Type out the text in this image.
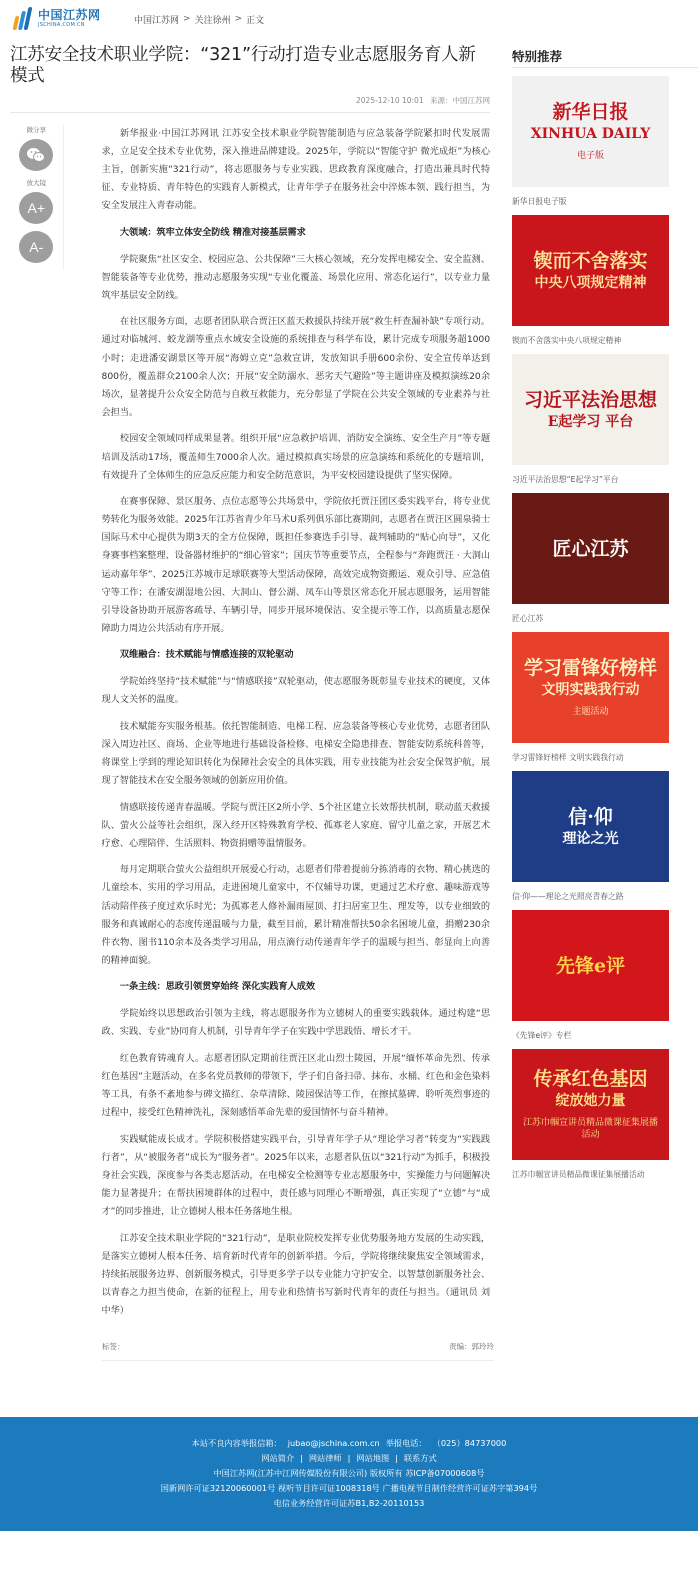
中国江苏网
JSCHINA.COM.CN	中国江苏网 > 关注徐州 > 正文
江苏安全技术职业学院：“321”行动打造专业志愿服务育人新模式
2025-12-10 10:01 来源：中国江苏网
微分享
放大镜
A+
A-

新华报业·中国江苏网讯 江苏安全技术职业学院智能制造与应急装备学院紧扣时代发展需求，立足安全技术专业优势，深入推进品牌建设。2025年，学院以“智能守护 微光成炬”为核心主旨，创新实施“321行动”，将志愿服务与专业实践、思政教育深度融合，打造出兼具时代特征、专业特质、青年特色的实践育人新模式，让青年学子在服务社会中淬炼本领、践行担当，为安全发展注入青春动能。

大领域：筑牢立体安全防线 精准对接基层需求

学院聚焦“社区安全、校园应急、公共保障”三大核心领域，充分发挥电梯安全、安全监测、智能装备等专业优势，推动志愿服务实现“专业化覆盖、场景化应用、常态化运行”，以专业力量筑牢基层安全防线。

在社区服务方面，志愿者团队联合贾汪区蓝天救援队持续开展“救生杆查漏补缺”专项行动。通过对临城河、蛟龙湖等重点水域安全设施的系统排查与科学布设，累计完成专项服务超1000小时；走进潘安湖景区等开展“海姆立克”急救宣讲，发放知识手册600余份、安全宣传单达到800份，覆盖群众2100余人次；开展“安全防溺水、恶劣天气避险”等主题讲座及模拟演练20余场次，显著提升公众安全防范与自救互救能力，充分彰显了学院在公共安全领域的专业素养与社会担当。

校园安全领域同样成果显著。组织开展“应急救护培训、消防安全演练、安全生产月”等专题培训及活动17场，覆盖师生7000余人次。通过模拟真实场景的应急演练和系统化的专题培训，有效提升了全体师生的应急反应能力和安全防范意识，为平安校园建设提供了坚实保障。

在赛事保障、景区服务、点位志愿等公共场景中，学院依托贾汪团区委实践平台，将专业优势转化为服务效能。2025年江苏省青少年马术U系列俱乐部比赛期间，志愿者在贾汪区圆泉骑士国际马术中心提供为期3天的全方位保障，既担任参赛选手引导、裁判辅助的“贴心向导”，又化身赛事档案整理、设备器材维护的“细心管家”；国庆节等重要节点，全程参与“奔跑贾汪 · 大洞山运动嘉年华”、2025江苏城市足球联赛等大型活动保障，高效完成物资搬运、观众引导、应急值守等工作；在潘安湖湿地公园、大洞山、督公湖、凤车山等景区常态化开展志愿服务，运用智能引导设备协助开展游客疏导、车辆引导，同步开展环境保洁、安全提示等工作，以高质量志愿保障助力周边公共活动有序开展。

双维融合：技术赋能与情感连接的双轮驱动

学院始终坚持“技术赋能”与“情感联接”双轮驱动，使志愿服务既彰显专业技术的硬度，又体现人文关怀的温度。

技术赋能夯实服务根基。依托智能制造、电梯工程、应急装备等核心专业优势，志愿者团队深入周边社区、商场、企业等地进行基础设备检修、电梯安全隐患排查、智能安防系统科普等，将课堂上学到的理论知识转化为保障社会安全的具体实践，用专业技能为社会安全保驾护航，展现了智能技术在安全服务领域的创新应用价值。

情感联接传递青春温暖。学院与贾汪区2所小学、5个社区建立长效帮扶机制，联动蓝天救援队、萤火公益等社会组织，深入经开区特殊教育学校、孤寡老人家庭、留守儿童之家，开展艺术疗愈、心理陪伴、生活照料、物资捐赠等温情服务。

每月定期联合萤火公益组织开展爱心行动，志愿者们带着提前分拣消毒的衣物、精心挑选的儿童绘本、实用的学习用品，走进困境儿童家中，不仅辅导功课，更通过艺术疗愈、趣味游戏等活动陪伴孩子度过欢乐时光；为孤寡老人修补漏雨屋顶、打扫居室卫生、理发等，以专业细致的服务和真诚耐心的态度传递温暖与力量，截至目前，累计精准帮扶50余名困境儿童，捐赠230余件衣物、图书110余本及各类学习用品，用点滴行动传递青年学子的温暖与担当、彰显向上向善的精神面貌。

一条主线：思政引领贯穿始终 深化实践育人成效

学院始终以思想政治引领为主线，将志愿服务作为立德树人的重要实践载体。通过构建“思政、实践、专业”协同育人机制，引导青年学子在实践中学思践悟、增长才干。

红色教育铸魂育人。志愿者团队定期前往贾汪区北山烈士陵园，开展“缅怀革命先烈、传承红色基因”主题活动，在多名党员教师的带领下，学子们自备扫帚、抹布、水桶、红色和金色染料等工具，有条不紊地参与碑文描红、杂草清除、陵园保洁等工作，在擦拭墓碑、聆听英烈事迹的过程中，接受红色精神洗礼，深刻感悟革命先辈的爱国情怀与奋斗精神。

实践赋能成长成才。学院积极搭建实践平台，引导青年学子从“理论学习者”转变为“实践践行者”，从“被服务者”成长为“服务者”。2025年以来，志愿者队伍以“321行动”为抓手，积极投身社会实践，深度参与各类志愿活动，在电梯安全检测等专业志愿服务中，实操能力与问题解决能力显著提升；在帮扶困境群体的过程中，责任感与同理心不断增强，真正实现了“立德”与“成才”的同步推进，让立德树人根本任务落地生根。

江苏安全技术职业学院的“321行动”，是职业院校发挥专业优势服务地方发展的生动实践，是落实立德树人根本任务、培育新时代青年的创新举措。今后，学院将继续聚焦安全领域需求，持续拓展服务边界、创新服务模式，引导更多学子以专业能力守护安全、以智慧创新服务社会、以青春之力担当使命，在新的征程上，用专业和热情书写新时代青年的责任与担当。（通讯员 刘 中华）

标签：	责编：郭玲玲
特别推荐
新华日报
XINHUA DAILY
电子版
新华日报电子版
锲而不舍落实
中央八项规定精神
锲而不舍落实中央八项规定精神
习近平法治思想
E起学习 平台
习近平法治思想“E起学习”平台
匠心江苏
匠心江苏
学习雷锋好榜样
文明实践我行动
主题活动
学习雷锋好榜样 文明实践我行动
信·仰
理论之光
信·仰——理论之光照亮青春之路
先锋e评
《先锋e评》专栏
传承红色基因
绽放她力量
江苏巾帼宣讲员精品微课征集展播活动
江苏巾帼宣讲员精品微课征集展播活动
本站不良内容举报信箱： jubao@jschina.com.cn 举报电话： （025）84737000
网站简介 | 网站律师 | 网站地图 | 联系方式
中国江苏网(江苏中江网传媒股份有限公司) 版权所有 苏ICP备07000608号
国新网许可证32120060001号 视听节目许可证1008318号 广播电视节目制作经营许可证苏字第394号
电信业务经营许可证苏B1,B2-20110153
